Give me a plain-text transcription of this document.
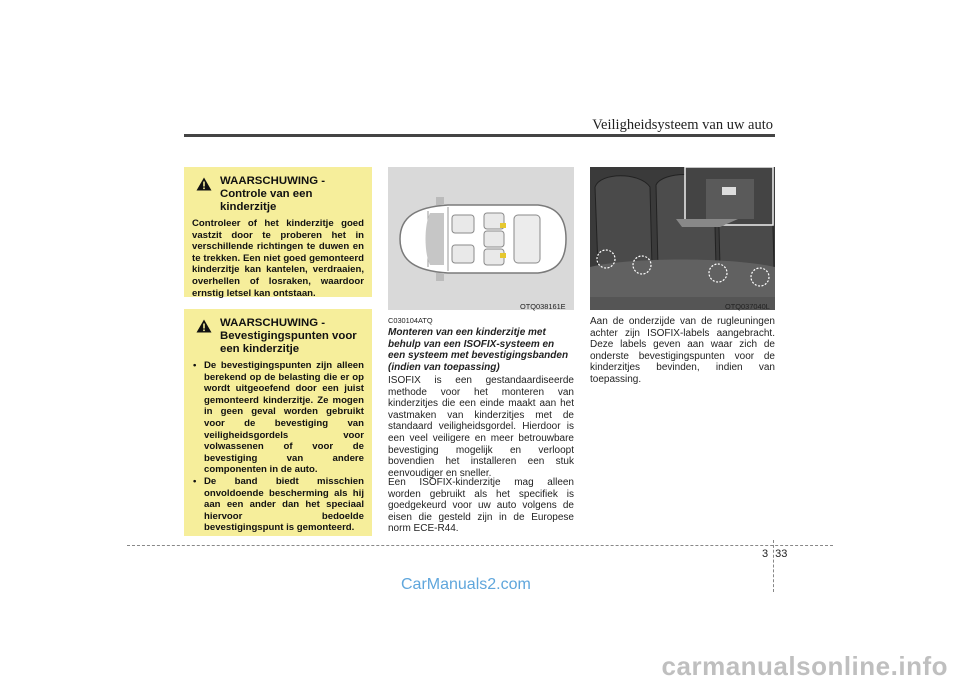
Veiligheidsysteem van uw auto
WAARSCHUWING -
Controle van een kinderzitje
Controleer of het kinderzitje goed vastzit door te proberen het in verschillende richtingen te duwen en te trekken. Een niet goed gemonteerd kinderzitje kan kantelen, verdraaien, overhellen of losraken, waardoor ernstig letsel kan ontstaan.
WAARSCHUWING -
Bevestigingspunten voor een kinderzitje
• De bevestigingspunten zijn alleen berekend op de belasting die er op wordt uitgeoefend door een juist gemonteerd kinderzitje. Ze mogen in geen geval worden gebruikt voor de bevestiging van veiligheidsgordels voor volwassenen of voor de bevestiging van andere componenten in de auto.
• De band biedt misschien onvoldoende bescherming als hij aan een ander dan het speciaal hiervoor bedoelde bevestigingspunt is gemonteerd.
OTQ038161E
C030104ATQ
Monteren van een kinderzitje met behulp van een ISOFIX-systeem en een systeem met bevestigingsbanden (indien van toepassing)
ISOFIX is een gestandaardiseerde methode voor het monteren van kinderzitjes die een einde maakt aan het vastmaken van kinderzitjes met de standaard veiligheidsgordel. Hierdoor is een veel veiligere en meer betrouwbare bevestiging mogelijk en verloopt bovendien het installeren een stuk eenvoudiger en sneller.
Een ISOFIX-kinderzitje mag alleen worden gebruikt als het specifiek is goedgekeurd voor uw auto volgens de eisen die gesteld zijn in de Europese norm ECE-R44.
OTQ037040L
Aan de onderzijde van de rugleuningen achter zijn ISOFIX-labels aangebracht. Deze labels geven aan waar zich de onderste bevestigingspunten voor de kinderzitjes bevinden, indien van toepassing.
3 33
CarManuals2.com
carmanualsonline.info
